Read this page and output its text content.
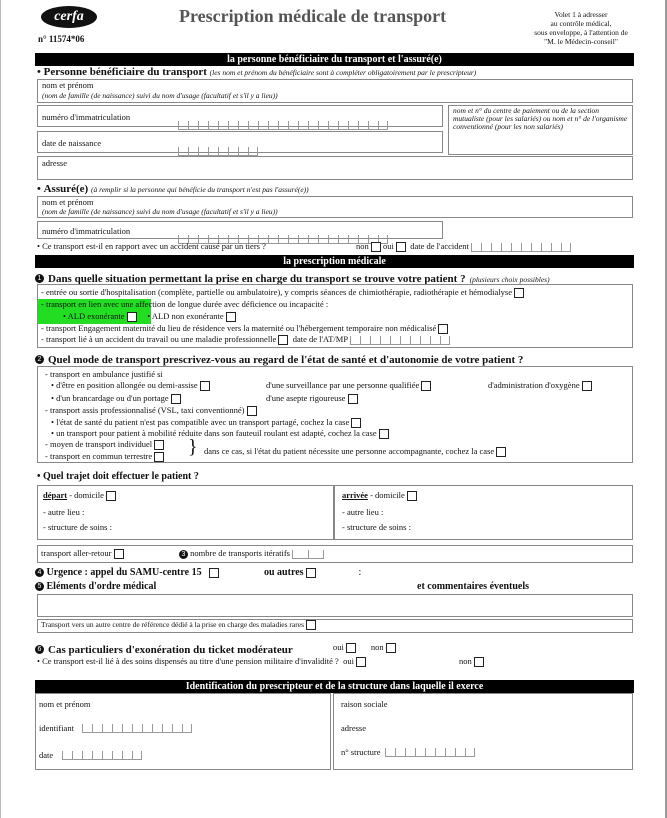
cerfa
n° 11574*06
Prescription médicale de transport	Volet 1 à adresser
au contrôle médical,
sous enveloppe, à l'attention de
"M. le Médecin-conseil"
la personne bénéficiaire du transport et l'assuré(e)
• Personne bénéficiaire du transport (les nom et prénom du bénéficiaire sont à compléter obligatoirement par le prescripteur)
nom et prénom
(nom de famille (de naissance) suivi du nom d'usage (facultatif et s'il y a lieu))
numéro d'immatriculation
nom et n° du centre de paiement ou de la section mutualiste (pour les salariés) ou nom et n° de l'organisme conventionné (pour les non salariés)
date de naissance
adresse
• Assuré(e) (à remplir si la personne qui bénéficie du transport n'est pas l'assuré(e))
nom et prénom
(nom de famille (de naissance) suivi du nom d'usage (facultatif et s'il y a lieu))
numéro d'immatriculation
• Ce transport est-il en rapport avec un accident causé par un tiers ?	non oui date de l'accident
la prescription médicale
1 Dans quelle situation permettant la prise en charge du transport se trouve votre patient ? (plusieurs choix possibles)
- entrée ou sortie d'hospitalisation (complète, partielle ou ambulatoire), y compris séances de chimiothérapie, radiothérapie et hémodialyse
- transport en lien avec une affection de longue durée avec déficience ou incapacité :
• ALD exonérante	• ALD non exonérante
- transport Engagement maternité du lieu de résidence vers la maternité ou l'hébergement temporaire non médicalisé
- transport lié à un accident du travail ou une maladie professionnelle date de l'AT/MP
2 Quel mode de transport prescrivez-vous au regard de l'état de santé et d'autonomie de votre patient ?
- transport en ambulance justifié si
• d'être en position allongée ou demi-assise	d'une surveillance par une personne qualifiée	d'administration d'oxygène
• d'un brancardage ou d'un portage	d'une asepte rigoureuse
- transport assis professionnalisé (VSL, taxi conventionné)
• l'état de santé du patient n'est pas compatible avec un transport partagé, cochez la case
• un transport pour patient à mobilité réduite dans son fauteuil roulant est adapté, cochez la case
- moyen de transport individuel
- transport en commun terrestre	} dans ce cas, si l'état du patient nécessite une personne accompagnante, cochez la case
• Quel trajet doit effectuer le patient ?
départ - domicile
- autre lieu :
- structure de soins :
arrivée - domicile
- autre lieu :
- structure de soins :
transport aller-retour	3 nombre de transports itératifs
4 Urgence : appel du SAMU-centre 15	ou autres	:
5 Eléments d'ordre médical	et commentaires éventuels
Transport vers un autre centre de référence dédié à la prise en charge des maladies rares
6 Cas particuliers d'exonération du ticket modérateur	oui	non
• Ce transport est-il lié à des soins dispensés au titre d'une pension militaire d'invalidité ? oui	non
Identification du prescripteur et de la structure dans laquelle il exerce
nom et prénom
identifiant
date
raison sociale
adresse
n° structure
